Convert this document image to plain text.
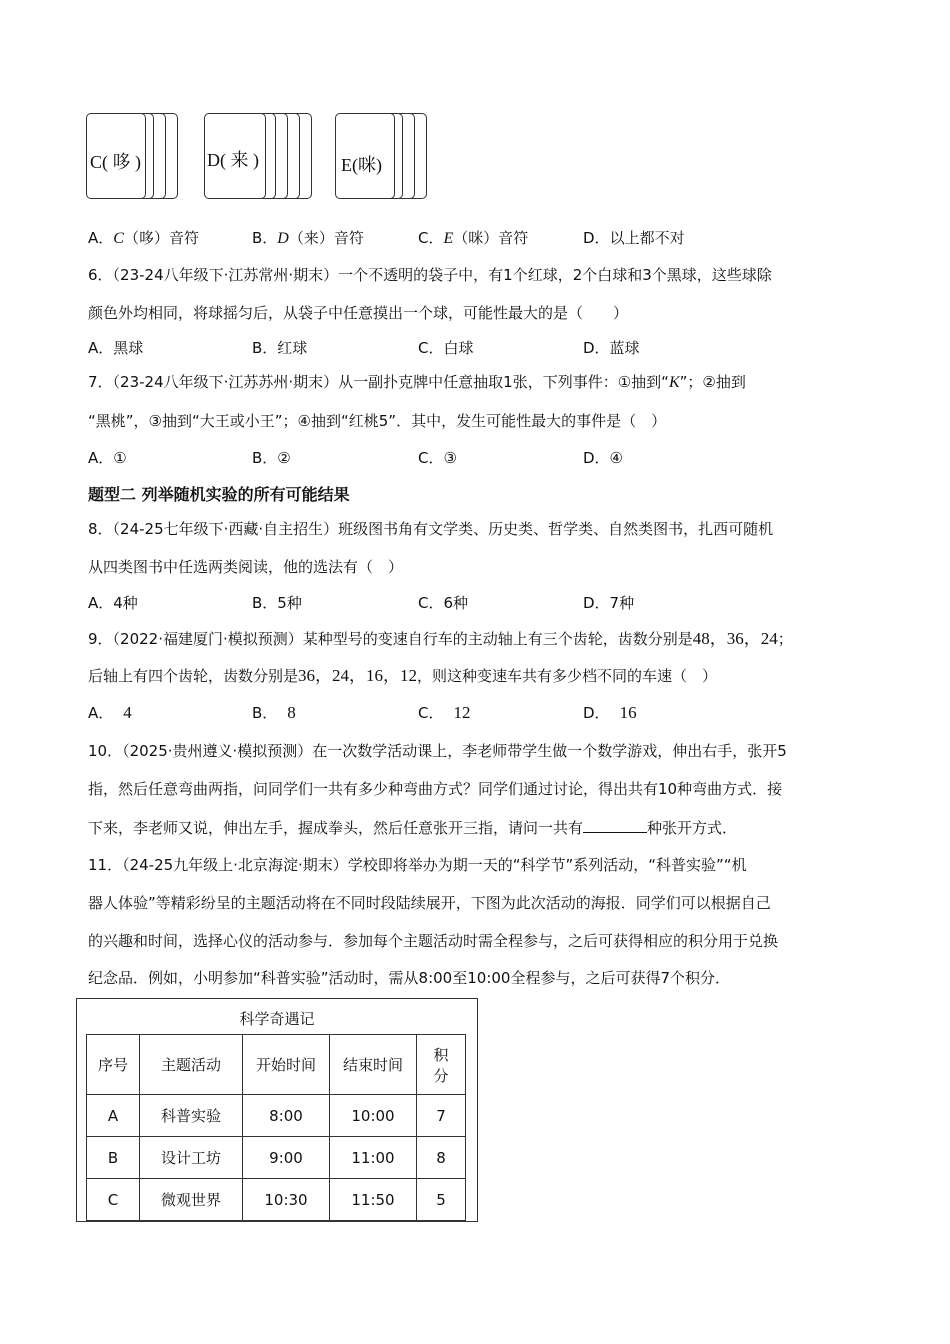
C( 哆 )	D( 来 )	E(咪)
A．C（哆）音符	B．D（来）音符	C．E（咪）音符	D．以上都不对
6．（23-24八年级下·江苏常州·期末）一个不透明的袋子中，有1个红球，2个白球和3个黑球，这些球除
颜色外均相同，将球摇匀后，从袋子中任意摸出一个球，可能性最大的是（　　）
A．黑球	B．红球	C．白球	D．蓝球
7．（23-24八年级下·江苏苏州·期末）从一副扑克牌中任意抽取1张，下列事件：①抽到“K”；②抽到
“黑桃”，③抽到“大王或小王”；④抽到“红桃5”．其中，发生可能性最大的事件是（　）
A．①	B．②	C．③	D．④
题型二 列举随机实验的所有可能结果
8．（24-25七年级下·西藏·自主招生）班级图书角有文学类、历史类、哲学类、自然类图书，扎西可随机
从四类图书中任选两类阅读，他的选法有（　）
A．4种	B．5种	C．6种	D．7种
9．（2022·福建厦门·模拟预测）某种型号的变速自行车的主动轴上有三个齿轮，齿数分别是48，36，24；
后轴上有四个齿轮，齿数分别是36，24，16，12，则这种变速车共有多少档不同的车速（　）
A． 4	B． 8	C． 12	D． 16
10．（2025·贵州遵义·模拟预测）在一次数学活动课上，李老师带学生做一个数学游戏，伸出右手，张开5
指，然后任意弯曲两指，问同学们一共有多少种弯曲方式？同学们通过讨论，得出共有10种弯曲方式．接
下来，李老师又说，伸出左手，握成拳头，然后任意张开三指，请问一共有	种张开方式．
11．（24-25九年级上·北京海淀·期末）学校即将举办为期一天的“科学节”系列活动，“科普实验”“机
器人体验”等精彩纷呈的主题活动将在不同时段陆续展开，下图为此次活动的海报．同学们可以根据自己
的兴趣和时间，选择心仪的活动参与．参加每个主题活动时需全程参与，之后可获得相应的积分用于兑换
纪念品．例如，小明参加“科普实验”活动时，需从8:00至10:00全程参与，之后可获得7个积分．
科学奇遇记
序号	主题活动	开始时间	结束时间	积
分
A	科普实验	8:00	10:00	7
B	设计工坊	9:00	11:00	8
C	微观世界	10:30	11:50	5
